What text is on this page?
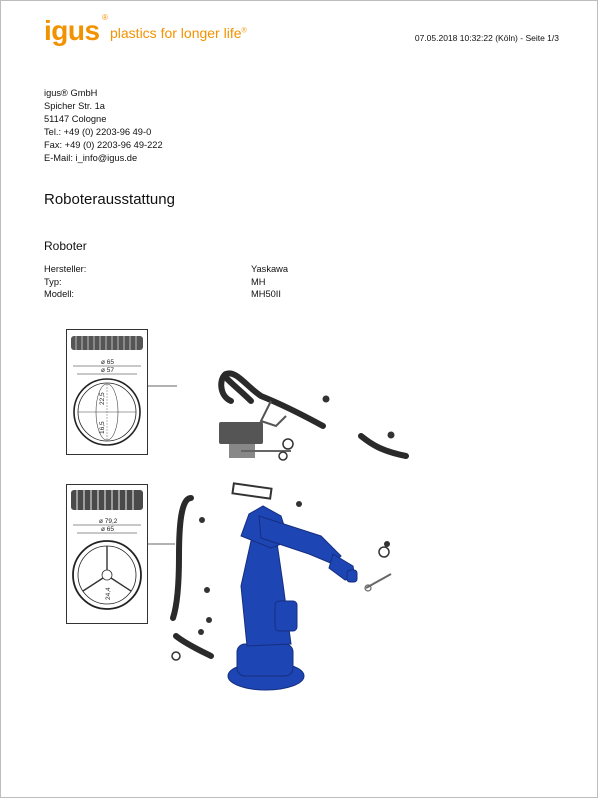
igus ®
plastics for longer life®
07.05.2018 10:32:22 (Köln) - Seite 1/3
igus® GmbH
Spicher Str. 1a
51147 Cologne
Tel.: +49 (0) 2203-96 49-0
Fax: +49 (0) 2203-96 49-222
E-Mail: i_info@igus.de
Roboterausstattung
Roboter
Hersteller:	Yaskawa
Typ:	MH
Modell:	MH50II
ø 65
ø 57
22,5
16,5
ø 79,2
ø 65
24,4
